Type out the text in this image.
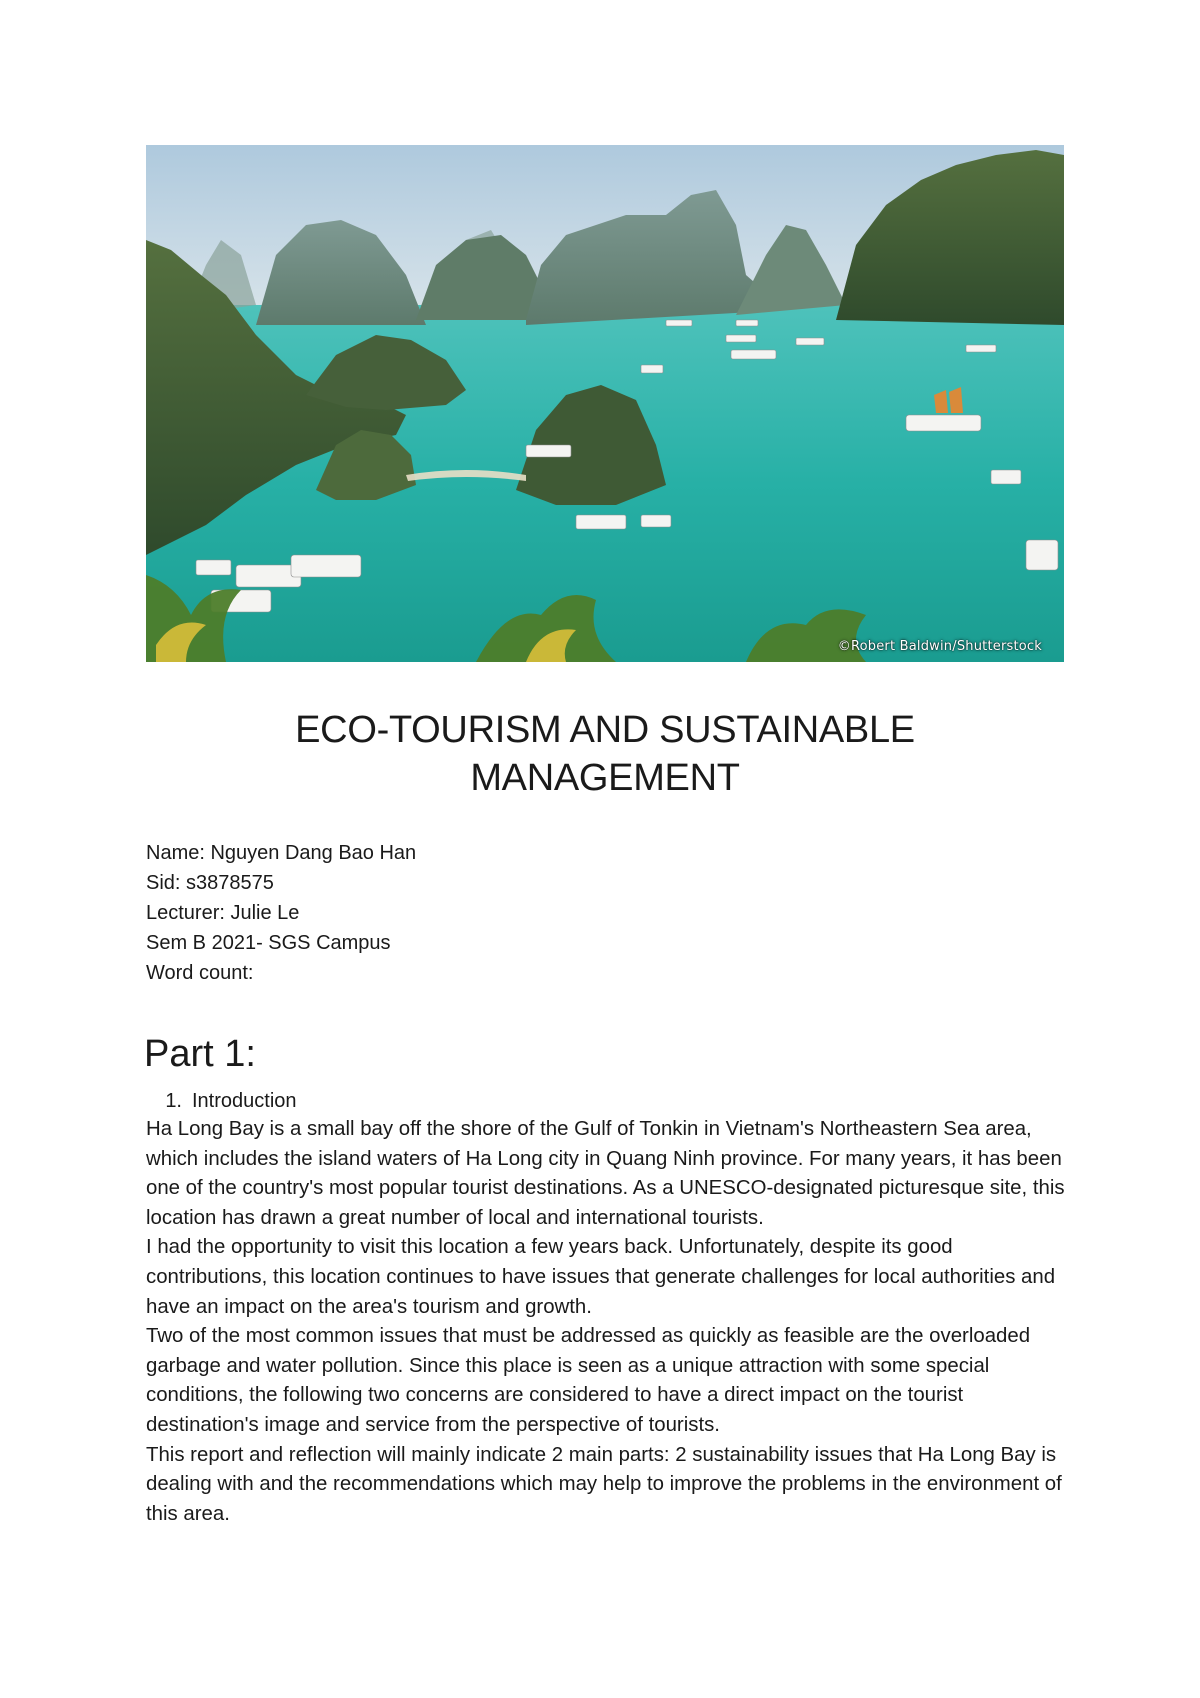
©Robert Baldwin/Shutterstock
ECO-TOURISM AND SUSTAINABLE
MANAGEMENT
Name: Nguyen Dang Bao Han
Sid: s3878575
Lecturer: Julie Le
Sem B 2021- SGS Campus
Word count:
Part 1:
1. Introduction

Ha Long Bay is a small bay off the shore of the Gulf of Tonkin in Vietnam's Northeastern Sea area, which includes the island waters of Ha Long city in Quang Ninh province. For many years, it has been one of the country's most popular tourist destinations. As a UNESCO-designated picturesque site, this location has drawn a great number of local and international tourists.

I had the opportunity to visit this location a few years back. Unfortunately, despite its good contributions, this location continues to have issues that generate challenges for local authorities and have an impact on the area's tourism and growth.

Two of the most common issues that must be addressed as quickly as feasible are the overloaded garbage and water pollution. Since this place is seen as a unique attraction with some special conditions, the following two concerns are considered to have a direct impact on the tourist destination's image and service from the perspective of tourists.

This report and reflection will mainly indicate 2 main parts: 2 sustainability issues that Ha Long Bay is dealing with and the recommendations which may help to improve the problems in the environment of this area.
